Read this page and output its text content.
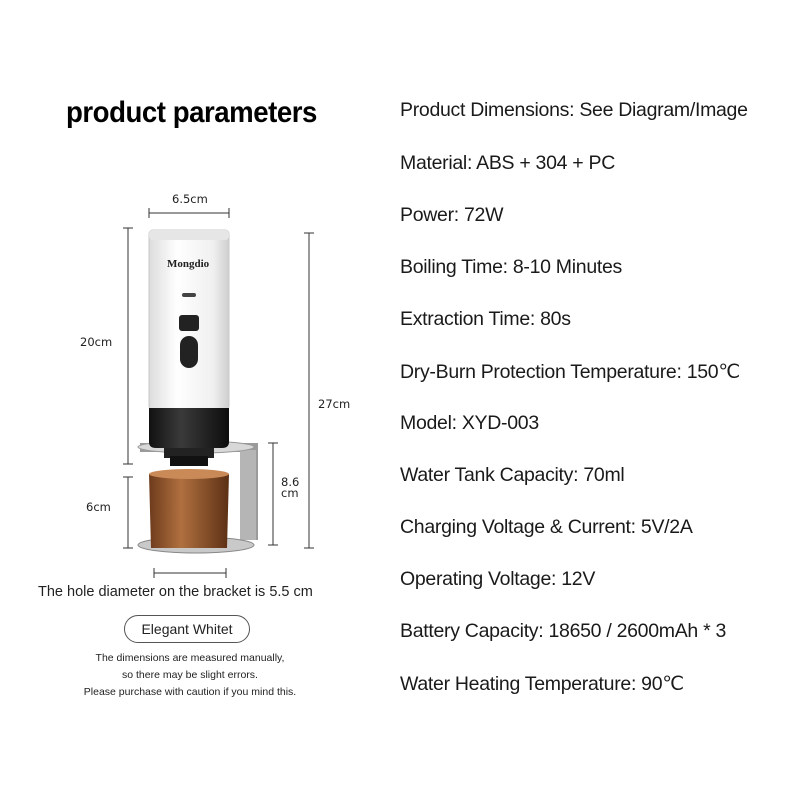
product parameters
6.5cm
20cm
6cm
27cm
8.6
cm
Mongdio
The hole diameter on the bracket is 5.5 cm
Elegant Whitet
The dimensions are measured manually,
so there may be slight errors.
Please purchase with caution if you mind this.
Product Dimensions: See Diagram/Image
Material: ABS + 304 + PC
Power: 72W
Boiling Time: 8-10 Minutes
Extraction Time: 80s
Dry-Burn Protection Temperature: 150℃
Model: XYD-003
Water Tank Capacity: 70ml
Charging Voltage & Current: 5V/2A
Operating Voltage: 12V
Battery Capacity: 18650 / 2600mAh * 3
Water Heating Temperature: 90℃
